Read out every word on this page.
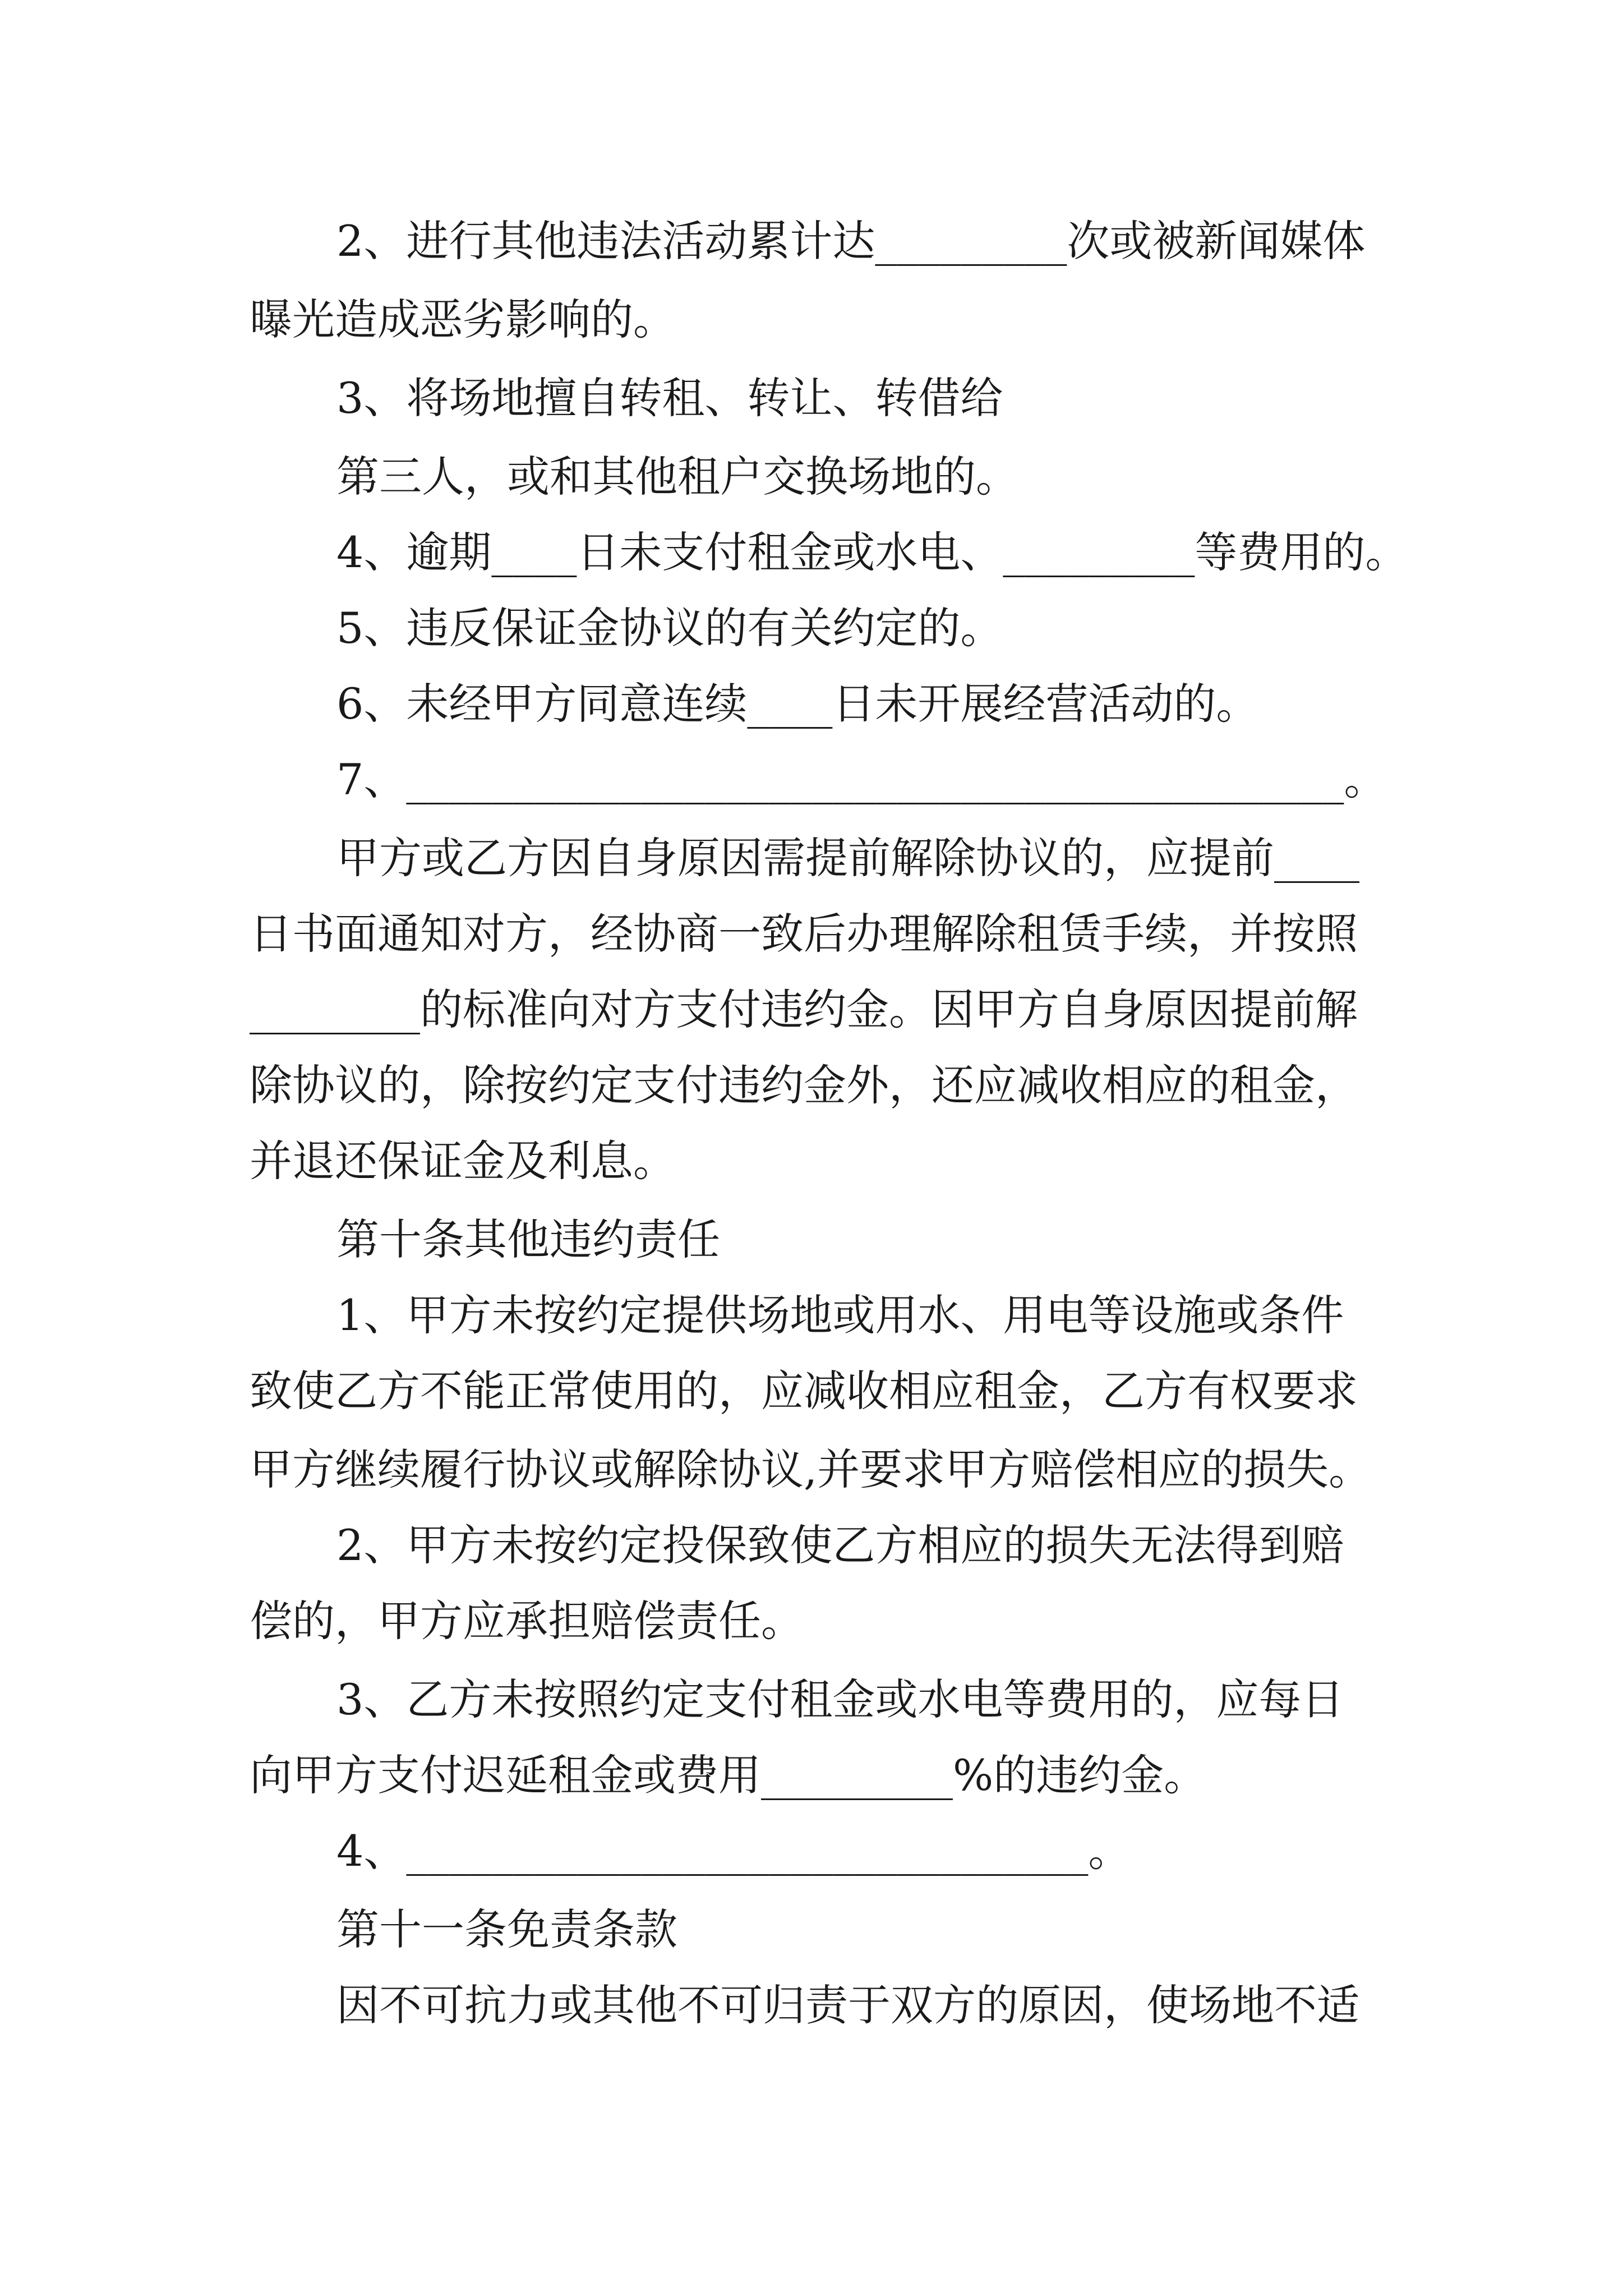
2、进行其他违法活动累计达_________次或被新闻媒体
曝光造成恶劣影响的。
3、将场地擅自转租、转让、转借给
第三人，或和其他租户交换场地的。
4、逾期____日未支付租金或水电、_________等费用的。
5、违反保证金协议的有关约定的。
6、未经甲方同意连续____日未开展经营活动的。
7、____________________________________________。
甲方或乙方因自身原因需提前解除协议的，应提前____
日书面通知对方，经协商一致后办理解除租赁手续，并按照
________的标准向对方支付违约金。因甲方自身原因提前解
除协议的，除按约定支付违约金外，还应减收相应的租金，
并退还保证金及利息。
第十条其他违约责任
1、甲方未按约定提供场地或用水、用电等设施或条件
致使乙方不能正常使用的，应减收相应租金，乙方有权要求
甲方继续履行协议或解除协议,并要求甲方赔偿相应的损失。
2、甲方未按约定投保致使乙方相应的损失无法得到赔
偿的，甲方应承担赔偿责任。
3、乙方未按照约定支付租金或水电等费用的，应每日
向甲方支付迟延租金或费用_________%的违约金。
4、________________________________。
第十一条免责条款
因不可抗力或其他不可归责于双方的原因，使场地不适
